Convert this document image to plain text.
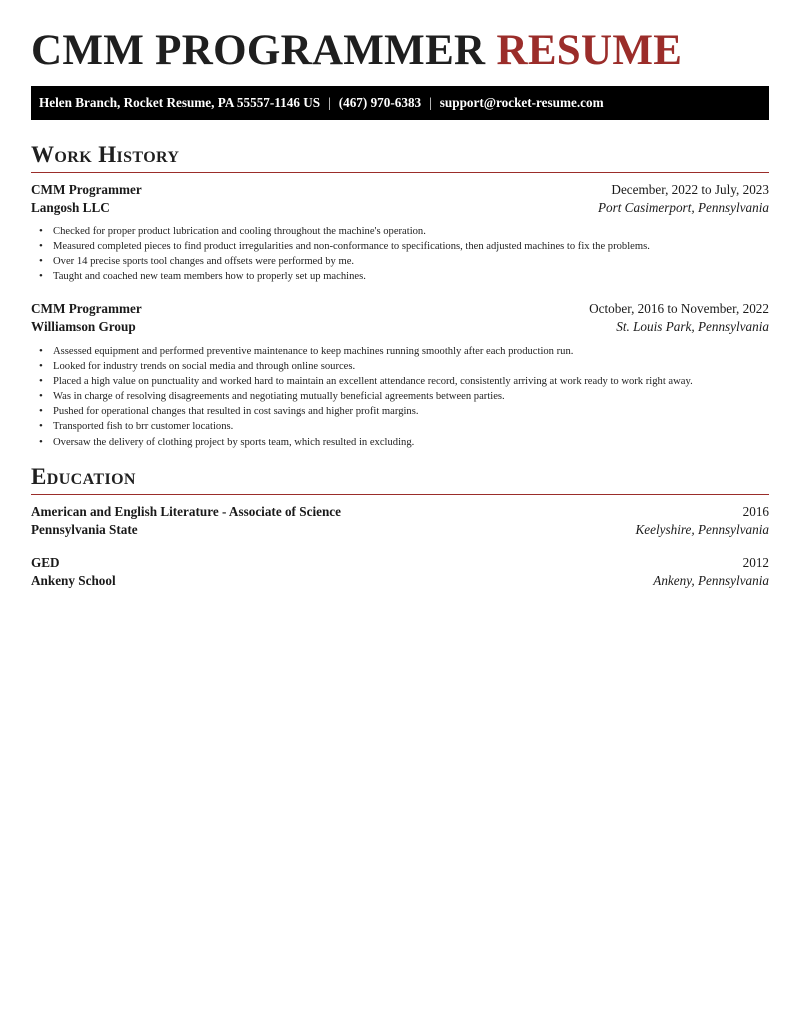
CMM PROGRAMMER RESUME
Helen Branch, Rocket Resume, PA 55557-1146 US | (467) 970-6383 | support@rocket-resume.com
Work History
CMM Programmer	December, 2022 to July, 2023
Langosh LLC	Port Casimerport, Pennsylvania
• Checked for proper product lubrication and cooling throughout the machine's operation.
• Measured completed pieces to find product irregularities and non-conformance to specifications, then adjusted machines to fix the problems.
• Over 14 precise sports tool changes and offsets were performed by me.
• Taught and coached new team members how to properly set up machines.
CMM Programmer	October, 2016 to November, 2022
Williamson Group	St. Louis Park, Pennsylvania
• Assessed equipment and performed preventive maintenance to keep machines running smoothly after each production run.
• Looked for industry trends on social media and through online sources.
• Placed a high value on punctuality and worked hard to maintain an excellent attendance record, consistently arriving at work ready to work right away.
• Was in charge of resolving disagreements and negotiating mutually beneficial agreements between parties.
• Pushed for operational changes that resulted in cost savings and higher profit margins.
• Transported fish to brr customer locations.
• Oversaw the delivery of clothing project by sports team, which resulted in excluding.
Education
American and English Literature - Associate of Science	2016
Pennsylvania State	Keelyshire, Pennsylvania
GED	2012
Ankeny School	Ankeny, Pennsylvania
